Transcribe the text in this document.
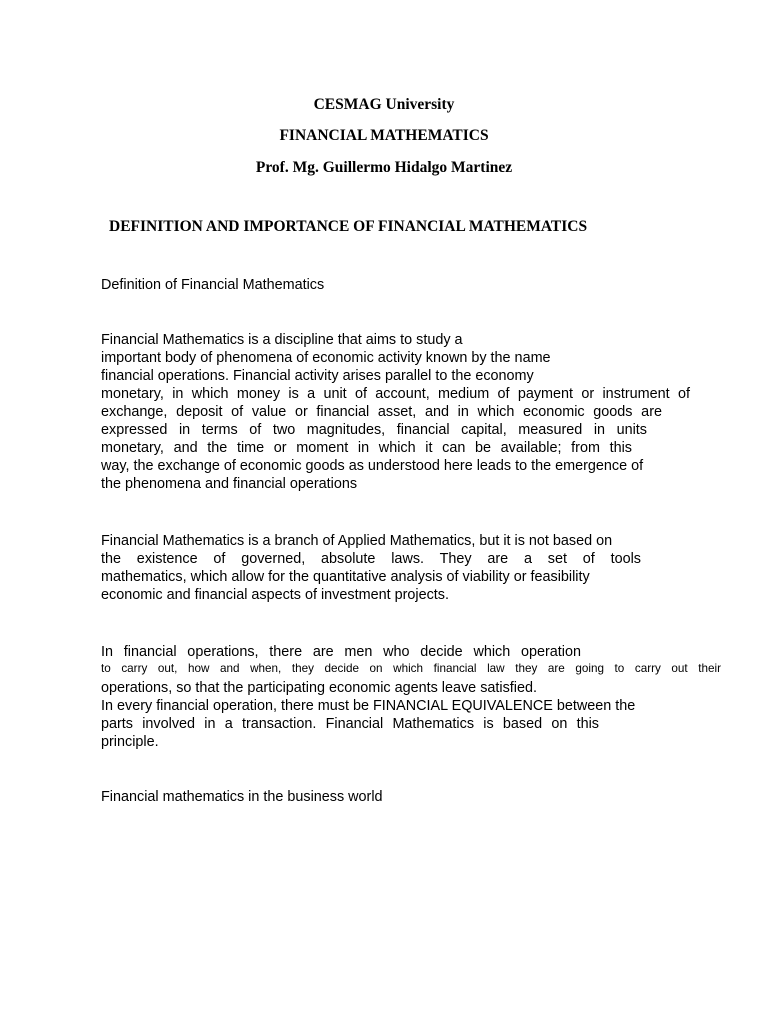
CESMAG University
FINANCIAL MATHEMATICS
Prof. Mg. Guillermo Hidalgo Martinez
DEFINITION AND IMPORTANCE OF FINANCIAL MATHEMATICS
Definition of Financial Mathematics

Financial Mathematics is a discipline that aims to study a

important body of phenomena of economic activity known by the name

financial operations. Financial activity arises parallel to the economy

monetary, in which money is a unit of account, medium of payment or instrument of

exchange, deposit of value or financial asset, and in which economic goods are

expressed in terms of two magnitudes, financial capital, measured in units

monetary, and the time or moment in which it can be available; from this

way, the exchange of economic goods as understood here leads to the emergence of

the phenomena and financial operations

Financial Mathematics is a branch of Applied Mathematics, but it is not based on

the existence of governed, absolute laws. They are a set of tools

mathematics, which allow for the quantitative analysis of viability or feasibility

economic and financial aspects of investment projects.

In financial operations, there are men who decide which operation

to carry out, how and when, they decide on which financial law they are going to carry out their

operations, so that the participating economic agents leave satisfied.

In every financial operation, there must be FINANCIAL EQUIVALENCE between the

parts involved in a transaction. Financial Mathematics is based on this

principle.

Financial mathematics in the business world
